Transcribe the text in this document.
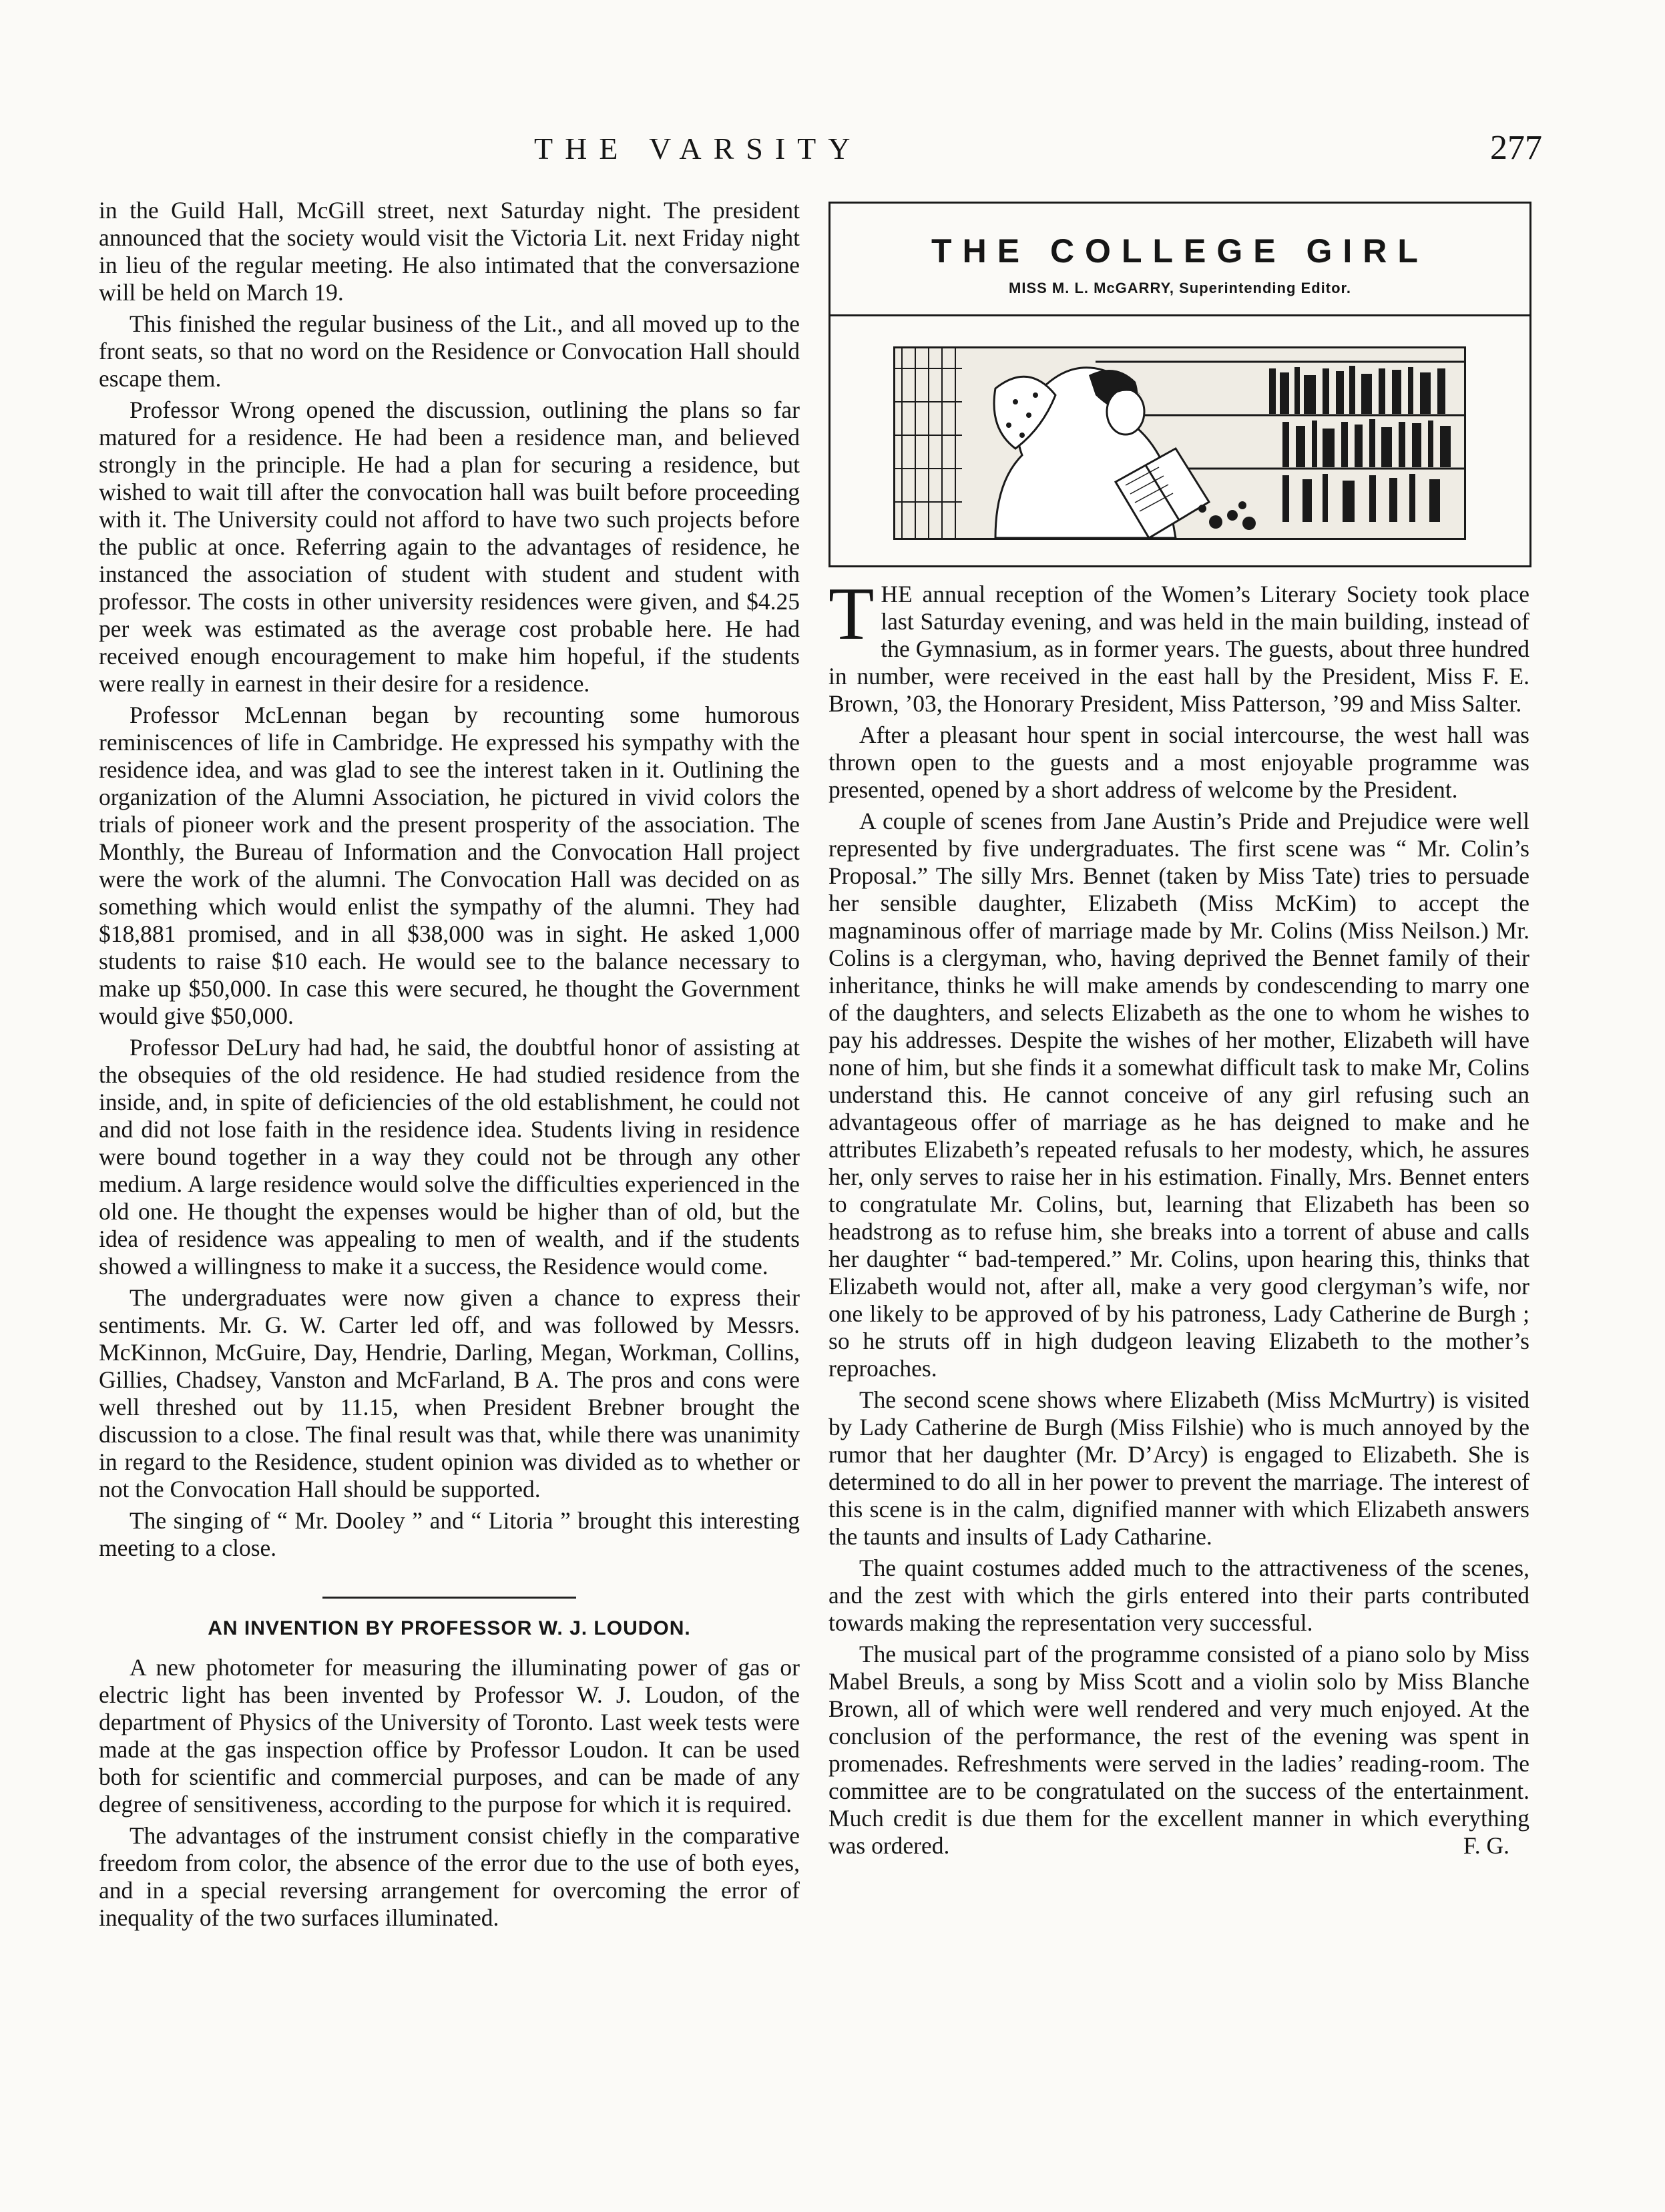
THE VARSITY	277

in the Guild Hall, McGill street, next Saturday night. The president announced that the society would visit the Victoria Lit. next Friday night in lieu of the regular meeting. He also intimated that the conversazione will be held on March 19.

This finished the regular business of the Lit., and all moved up to the front seats, so that no word on the Residence or Convocation Hall should escape them.

Professor Wrong opened the discussion, outlining the plans so far matured for a residence. He had been a residence man, and believed strongly in the principle. He had a plan for securing a residence, but wished to wait till after the convocation hall was built before proceeding with it. The University could not afford to have two such projects before the public at once. Referring again to the advantages of residence, he instanced the association of student with student and student with professor. The costs in other university residences were given, and $4.25 per week was estimated as the average cost probable here. He had received enough encouragement to make him hopeful, if the students were really in earnest in their desire for a residence.

Professor McLennan began by recounting some humorous reminiscences of life in Cambridge. He expressed his sympathy with the residence idea, and was glad to see the interest taken in it. Outlining the organization of the Alumni Association, he pictured in vivid colors the trials of pioneer work and the present prosperity of the association. The Monthly, the Bureau of Information and the Convocation Hall project were the work of the alumni. The Convocation Hall was decided on as something which would enlist the sympathy of the alumni. They had $18,881 promised, and in all $38,000 was in sight. He asked 1,000 students to raise $10 each. He would see to the balance necessary to make up $50,000. In case this were secured, he thought the Government would give $50,000.

Professor DeLury had had, he said, the doubtful honor of assisting at the obsequies of the old residence. He had studied residence from the inside, and, in spite of deficiencies of the old establishment, he could not and did not lose faith in the residence idea. Students living in residence were bound together in a way they could not be through any other medium. A large residence would solve the difficulties experienced in the old one. He thought the expenses would be higher than of old, but the idea of residence was appealing to men of wealth, and if the students showed a willingness to make it a success, the Residence would come.

The undergraduates were now given a chance to express their sentiments. Mr. G. W. Carter led off, and was followed by Messrs. McKinnon, McGuire, Day, Hendrie, Darling, Megan, Workman, Collins, Gillies, Chadsey, Vanston and McFarland, B A. The pros and cons were well threshed out by 11.15, when President Brebner brought the discussion to a close. The final result was that, while there was unanimity in regard to the Residence, student opinion was divided as to whether or not the Convocation Hall should be supported.

The singing of “ Mr. Dooley ” and “ Litoria ” brought this interesting meeting to a close.

AN INVENTION BY PROFESSOR W. J. LOUDON.

A new photometer for measuring the illuminating power of gas or electric light has been invented by Professor W. J. Loudon, of the department of Physics of the University of Toronto. Last week tests were made at the gas inspection office by Professor Loudon. It can be used both for scientific and commercial purposes, and can be made of any degree of sensitiveness, according to the purpose for which it is required.

The advantages of the instrument consist chiefly in the comparative freedom from color, the absence of the error due to the use of both eyes, and in a special reversing arrangement for overcoming the error of inequality of the two surfaces illuminated.

THE COLLEGE GIRL

MISS M. L. McGARRY, Superintending Editor.

THE annual reception of the Women’s Literary Society took place last Saturday evening, and was held in the main building, instead of the Gymnasium, as in former years. The guests, about three hundred in number, were received in the east hall by the President, Miss F. E. Brown, ’03, the Honorary President, Miss Patterson, ’99 and Miss Salter.

After a pleasant hour spent in social intercourse, the west hall was thrown open to the guests and a most enjoyable programme was presented, opened by a short address of welcome by the President.

A couple of scenes from Jane Austin’s Pride and Prejudice were well represented by five undergraduates. The first scene was “ Mr. Colin’s Proposal.” The silly Mrs. Bennet (taken by Miss Tate) tries to persuade her sensible daughter, Elizabeth (Miss McKim) to accept the magnaminous offer of marriage made by Mr. Colins (Miss Neilson.) Mr. Colins is a clergyman, who, having deprived the Bennet family of their inheritance, thinks he will make amends by condescending to marry one of the daughters, and selects Elizabeth as the one to whom he wishes to pay his addresses. Despite the wishes of her mother, Elizabeth will have none of him, but she finds it a somewhat difficult task to make Mr, Colins understand this. He cannot conceive of any girl refusing such an advantageous offer of marriage as he has deigned to make and he attributes Elizabeth’s repeated refusals to her modesty, which, he assures her, only serves to raise her in his estimation. Finally, Mrs. Bennet enters to congratulate Mr. Colins, but, learning that Elizabeth has been so headstrong as to refuse him, she breaks into a torrent of abuse and calls her daughter “ bad-tempered.” Mr. Colins, upon hearing this, thinks that Elizabeth would not, after all, make a very good clergyman’s wife, nor one likely to be approved of by his patroness, Lady Catherine de Burgh ; so he struts off in high dudgeon leaving Elizabeth to the mother’s reproaches.

The second scene shows where Elizabeth (Miss McMurtry) is visited by Lady Catherine de Burgh (Miss Filshie) who is much annoyed by the rumor that her daughter (Mr. D’Arcy) is engaged to Elizabeth. She is determined to do all in her power to prevent the marriage. The interest of this scene is in the calm, dignified manner with which Elizabeth answers the taunts and insults of Lady Catharine.

The quaint costumes added much to the attractiveness of the scenes, and the zest with which the girls entered into their parts contributed towards making the representation very successful.

The musical part of the programme consisted of a piano solo by Miss Mabel Breuls, a song by Miss Scott and a violin solo by Miss Blanche Brown, all of which were well rendered and very much enjoyed. At the conclusion of the performance, the rest of the evening was spent in promenades. Refreshments were served in the ladies’ reading-room. The committee are to be congratulated on the success of the entertainment. Much credit is due them for the excellent manner in which everything was ordered.	F. G.
